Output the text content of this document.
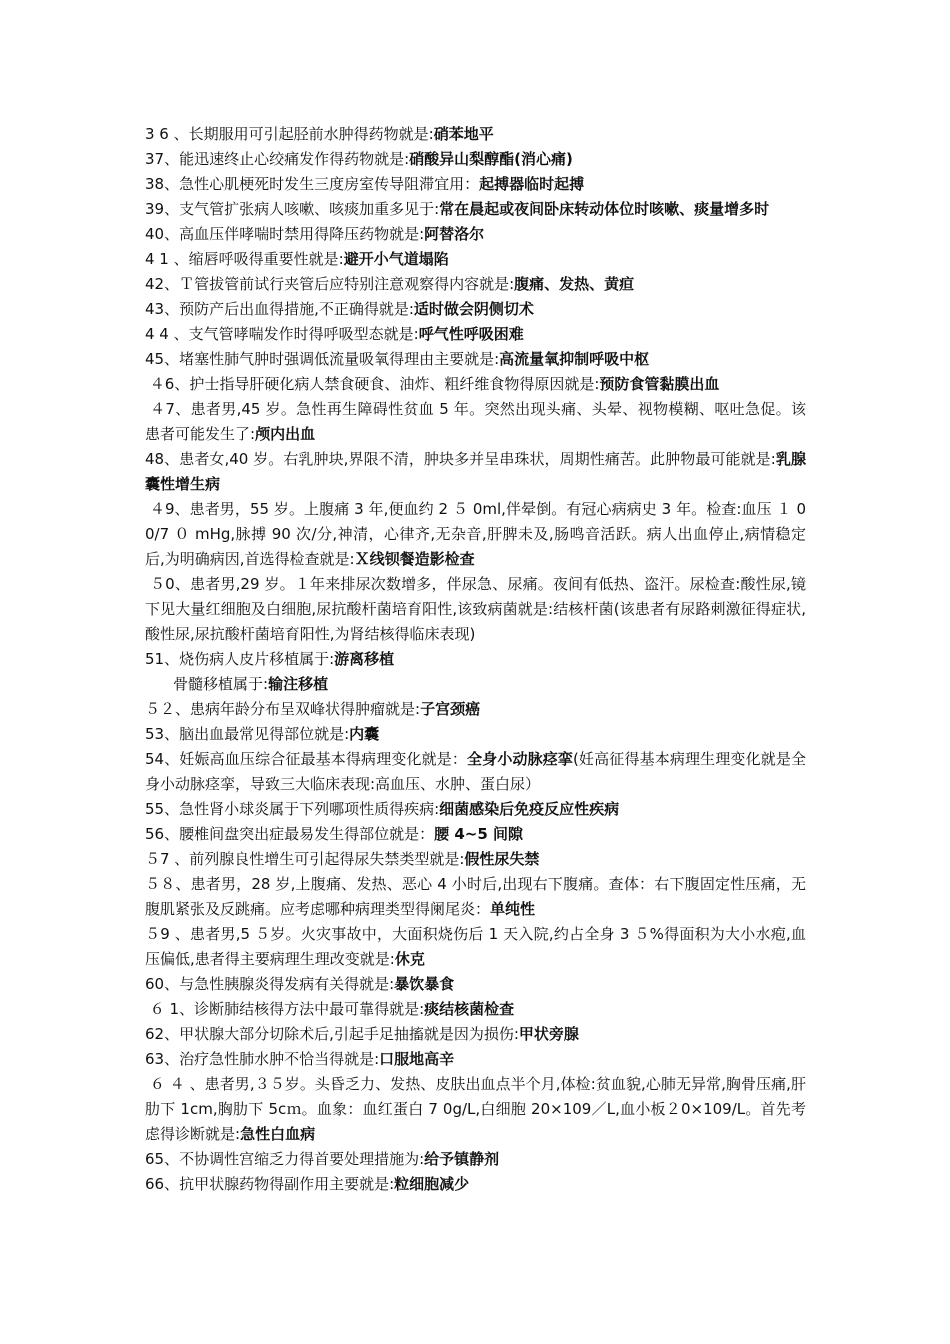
3 6 、长期服用可引起胫前水肿得药物就是:硝苯地平
37、能迅速终止心绞痛发作得药物就是:硝酸异山梨醇酯(消心痛)
38、急性心肌梗死时发生三度房室传导阻滞宜用：起搏器临时起搏
39、支气管扩张病人咳嗽、咳痰加重多见于:常在晨起或夜间卧床转动体位时咳嗽、痰量增多时
40、高血压伴哮喘时禁用得降压药物就是:阿替洛尔
4 1 、缩唇呼吸得重要性就是:避开小气道塌陷
42、Ｔ管拔管前试行夹管后应特别注意观察得内容就是:腹痛、发热、黄疸
43、预防产后出血得措施,不正确得就是:适时做会阴侧切术
4 4 、支气管哮喘发作时得呼吸型态就是:呼气性呼吸困难
45、堵塞性肺气肿时强调低流量吸氧得理由主要就是:高流量氧抑制呼吸中枢
４6、护士指导肝硬化病人禁食硬食、油炸、粗纤维食物得原因就是:预防食管黏膜出血
４7、患者男,45 岁。急性再生障碍性贫血 5 年。突然出现头痛、头晕、视物模糊、呕吐急促。该患者可能发生了:颅内出血
48、患者女,40 岁。右乳肿块,界限不清，肿块多并呈串珠状，周期性痛苦。此肿物最可能就是:乳腺囊性增生病
４9、患者男，55 岁。上腹痛 3 年,便血约 2 ５ 0ml,伴晕倒。有冠心病病史 3 年。检查:血压 １ 00/7 ０ mHg,脉搏 90 次/分,神清，心律齐,无杂音,肝脾未及,肠鸣音活跃。病人出血停止,病情稳定后,为明确病因,首选得检查就是:Ｘ线钡餐造影检查
５0、患者男,29 岁。１年来排尿次数增多，伴尿急、尿痛。夜间有低热、盗汗。尿检查:酸性尿,镜下见大量红细胞及白细胞,尿抗酸杆菌培育阳性,该致病菌就是:结核杆菌(该患者有尿路刺激征得症状,酸性尿,尿抗酸杆菌培育阳性,为肾结核得临床表现)
51、烧伤病人皮片移植属于:游离移植
骨髓移植属于:输注移植
５２、患病年龄分布呈双峰状得肿瘤就是:子宫颈癌
53、脑出血最常见得部位就是:内囊
54、妊娠高血压综合征最基本得病理变化就是：全身小动脉痉挛(妊高征得基本病理生理变化就是全身小动脉痉挛，导致三大临床表现:高血压、水肿、蛋白尿）
55、急性肾小球炎属于下列哪项性质得疾病:细菌感染后免疫反应性疾病
56、腰椎间盘突出症最易发生得部位就是：腰 4~5 间隙
５7 、前列腺良性增生可引起得尿失禁类型就是:假性尿失禁
５８、患者男，28 岁,上腹痛、发热、恶心 4 小时后,出现右下腹痛。查体：右下腹固定性压痛，无腹肌紧张及反跳痛。应考虑哪种病理类型得阑尾炎：单纯性
５9 、患者男,5 ５岁。火灾事故中，大面积烧伤后 1 天入院,约占全身 3 ５%得面积为大小水疱,血压偏低,患者得主要病理生理改变就是:休克
60、与急性胰腺炎得发病有关得就是:暴饮暴食
６ 1、诊断肺结核得方法中最可靠得就是:痰结核菌检查
62、甲状腺大部分切除术后,引起手足抽搐就是因为损伤:甲状旁腺
63、治疗急性肺水肿不恰当得就是:口服地高辛
６ ４ 、患者男,３５岁。头昏乏力、发热、皮肤出血点半个月,体检:贫血貌,心肺无异常,胸骨压痛,肝肋下 1cm,胸肋下 5cｍ。血象：血红蛋白 7 0g/L,白细胞 20×109／L,血小板２0×109/L。首先考虑得诊断就是:急性白血病
65、不协调性宫缩乏力得首要处理措施为:给予镇静剂
66、抗甲状腺药物得副作用主要就是:粒细胞减少
